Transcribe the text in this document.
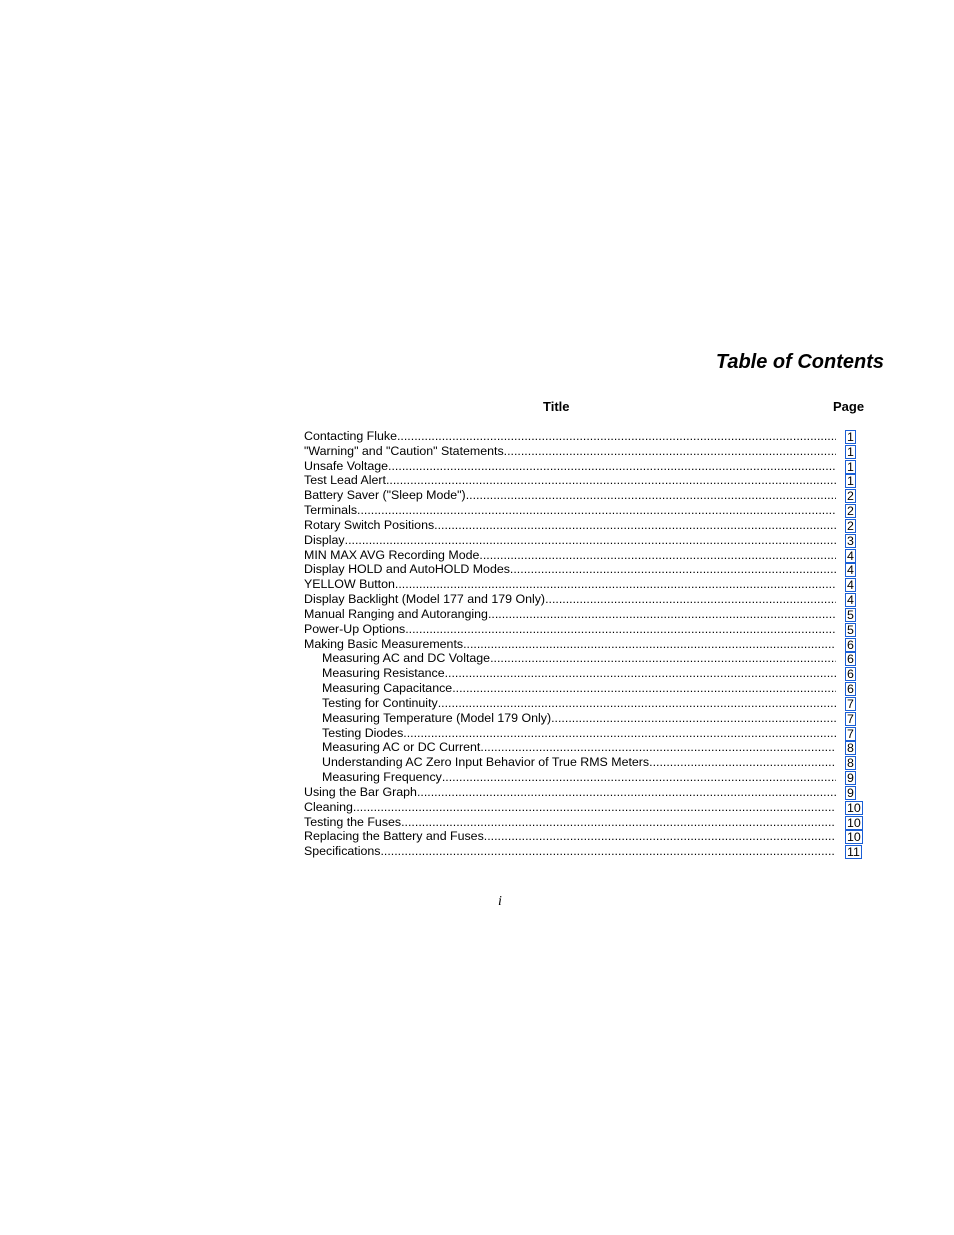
Table of Contents
Title	Page
Contacting Fluke .....	1
"Warning" and "Caution" Statements .....	1
Unsafe Voltage .....	1
Test Lead Alert .....	1
Battery Saver ("Sleep Mode") .....	2
Terminals .....	2
Rotary Switch Positions .....	2
Display .....	3
MIN MAX AVG Recording Mode .....	4
Display HOLD and AutoHOLD Modes .....	4
YELLOW Button .....	4
Display Backlight (Model 177 and 179 Only) .....	4
Manual Ranging and Autoranging .....	5
Power-Up Options .....	5
Making Basic Measurements .....	6
Measuring AC and DC Voltage .....	6
Measuring Resistance .....	6
Measuring Capacitance .....	6
Testing for Continuity .....	7
Measuring Temperature (Model 179 Only) .....	7
Testing Diodes .....	7
Measuring AC or DC Current .....	8
Understanding AC Zero Input Behavior of True RMS Meters .....	8
Measuring Frequency .....	9
Using the Bar Graph .....	9
Cleaning .....	10
Testing the Fuses .....	10
Replacing the Battery and Fuses .....	10
Specifications .....	11
i
